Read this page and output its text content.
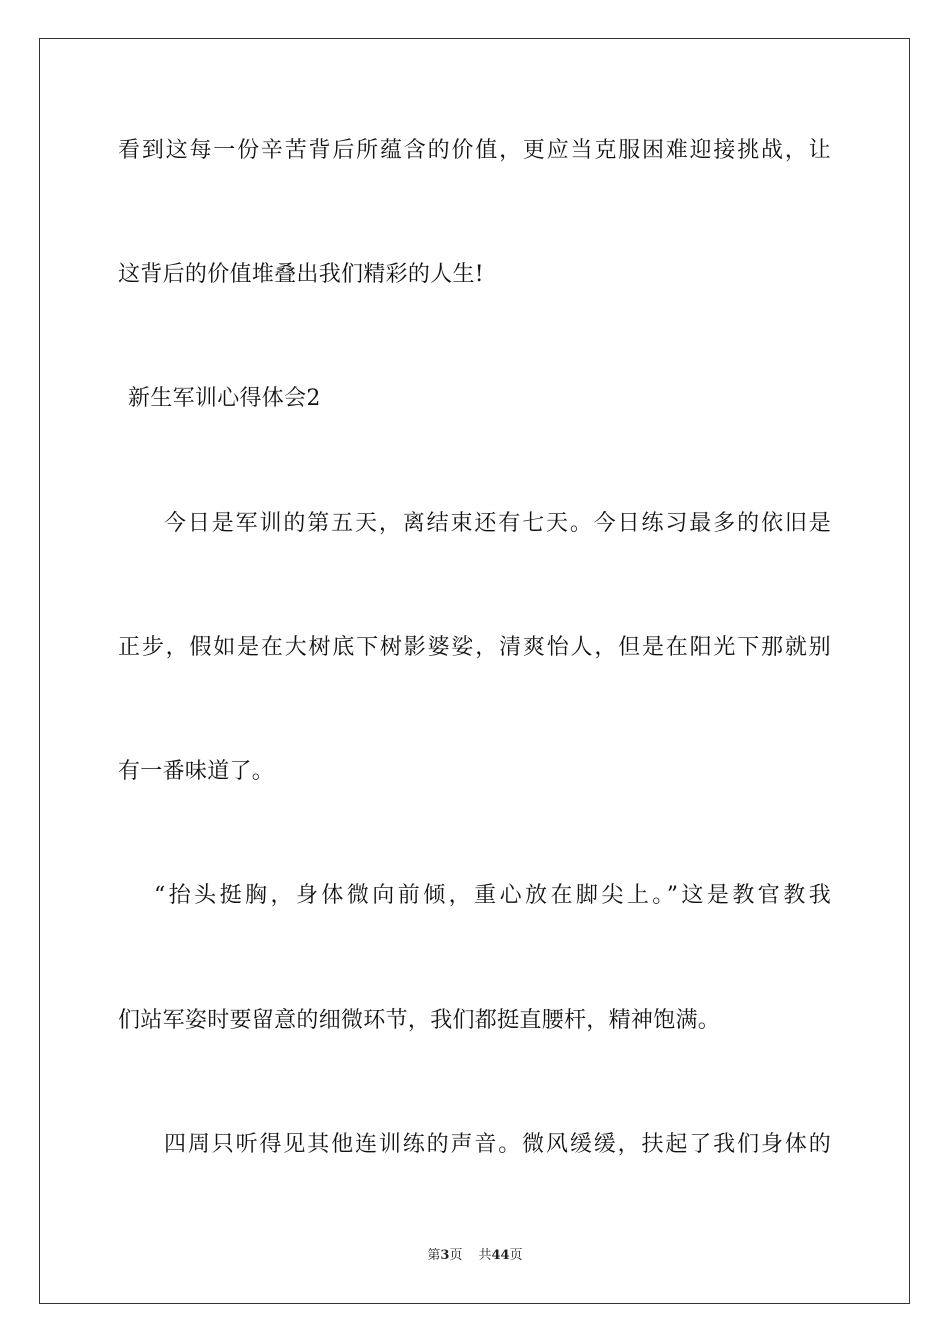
看到这每一份辛苦背后所蕴含的价值，更应当克服困难迎接挑战，让
这背后的价值堆叠出我们精彩的人生!
新生军训心得体会2
今日是军训的第五天，离结束还有七天。今日练习最多的依旧是
正步，假如是在大树底下树影婆娑，清爽怡人，但是在阳光下那就别
有一番味道了。
“抬头挺胸，身体微向前倾，重心放在脚尖上。”这是教官教我
们站军姿时要留意的细微环节，我们都挺直腰杆，精神饱满。
四周只听得见其他连训练的声音。微风缓缓，扶起了我们身体的
第3页 共44页
